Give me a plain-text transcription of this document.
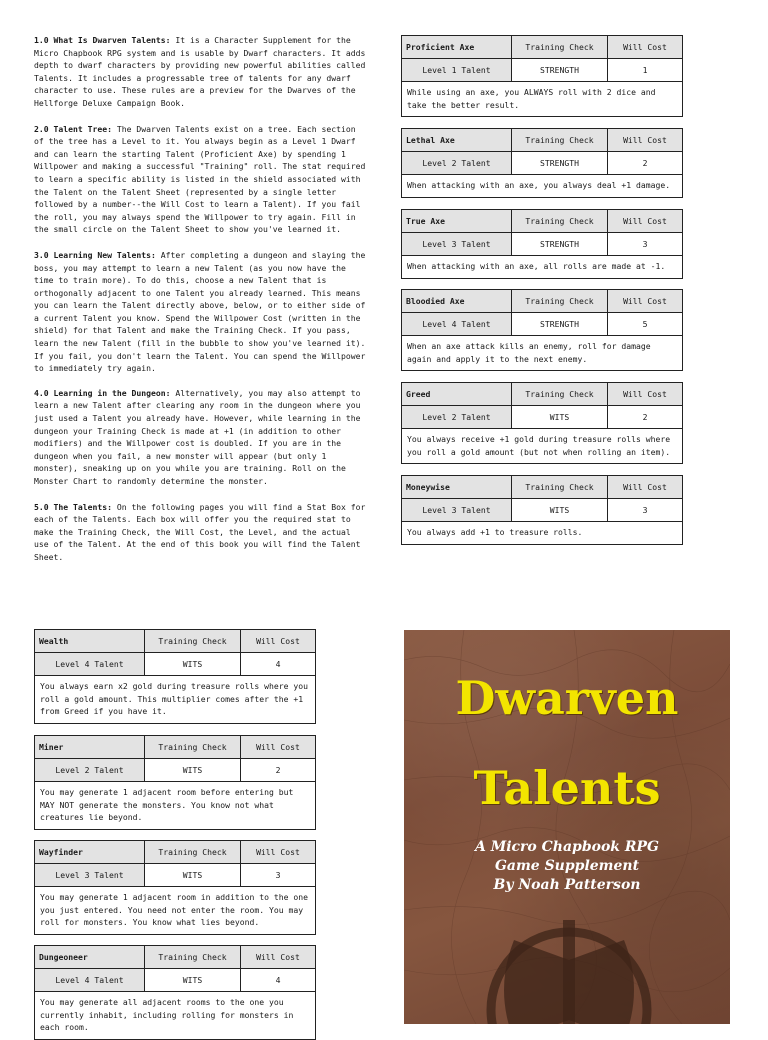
1.0 What Is Dwarven Talents: It is a Character Supplement for the Micro Chapbook RPG system and is usable by Dwarf characters. It adds depth to dwarf characters by providing new powerful abilities called Talents. It includes a progressable tree of talents for any dwarf character to use. These rules are a preview for the Dwarves of the Hellforge Deluxe Campaign Book.

2.0 Talent Tree: The Dwarven Talents exist on a tree. Each section of the tree has a Level to it. You always begin as a Level 1 Dwarf and can learn the starting Talent (Proficient Axe) by spending 1 Willpower and making a successful "Training" roll. The stat required to learn a specific ability is listed in the shield associated with the Talent on the Talent Sheet (represented by a single letter followed by a number--the Will Cost to learn a Talent). If you fail the roll, you may always spend the Willpower to try again. Fill in the small circle on the Talent Sheet to show you've learned it.

3.0 Learning New Talents: After completing a dungeon and slaying the boss, you may attempt to learn a new Talent (as you now have the time to train more). To do this, choose a new Talent that is orthogonally adjacent to one Talent you already learned. This means you can learn the Talent directly above, below, or to either side of a current Talent you know. Spend the Willpower Cost (written in the shield) for that Talent and make the Training Check. If you pass, learn the new Talent (fill in the bubble to show you've learned it). If you fail, you don't learn the Talent. You can spend the Willpower to immediately try again.

4.0 Learning in the Dungeon: Alternatively, you may also attempt to learn a new Talent after clearing any room in the dungeon where you just used a Talent you already have. However, while learning in the dungeon your Training Check is made at +1 (in addition to other modifiers) and the Willpower cost is doubled. If you are in the dungeon when you fail, a new monster will appear (but only 1 monster), sneaking up on you while you are training. Roll on the Monster Chart to randomly determine the monster.

5.0 The Talents: On the following pages you will find a Stat Box for each of the Talents. Each box will offer you the required stat to make the Training Check, the Will Cost, the Level, and the actual use of the Talent. At the end of this book you will find the Talent Sheet.

Proficient Axe	Training Check	Will Cost
Level 1 Talent	STRENGTH	1
While using an axe, you ALWAYS roll with 2 dice and take the better result.
Lethal Axe	Training Check	Will Cost
Level 2 Talent	STRENGTH	2
When attacking with an axe, you always deal +1 damage.
True Axe	Training Check	Will Cost
Level 3 Talent	STRENGTH	3
When attacking with an axe, all rolls are made at -1.
Bloodied Axe	Training Check	Will Cost
Level 4 Talent	STRENGTH	5
When an axe attack kills an enemy, roll for damage again and apply it to the next enemy.
Greed	Training Check	Will Cost
Level 2 Talent	WITS	2
You always receive +1 gold during treasure rolls where you roll a gold amount (but not when rolling an item).
Moneywise	Training Check	Will Cost
Level 3 Talent	WITS	3
You always add +1 to treasure rolls.
Wealth	Training Check	Will Cost
Level 4 Talent	WITS	4
You always earn x2 gold during treasure rolls where you roll a gold amount. This multiplier comes after the +1 from Greed if you have it.
Miner	Training Check	Will Cost
Level 2 Talent	WITS	2
You may generate 1 adjacent room before entering but MAY NOT generate the monsters. You know not what creatures lie beyond.
Wayfinder	Training Check	Will Cost
Level 3 Talent	WITS	3
You may generate 1 adjacent room in addition to the one you just entered. You need not enter the room. You may roll for monsters. You know what lies beyond.
Dungeoneer	Training Check	Will Cost
Level 4 Talent	WITS	4
You may generate all adjacent rooms to the one you currently inhabit, including rolling for monsters in each room.
Dwarven
Talents
A Micro Chapbook RPG
Game Supplement
By Noah Patterson
